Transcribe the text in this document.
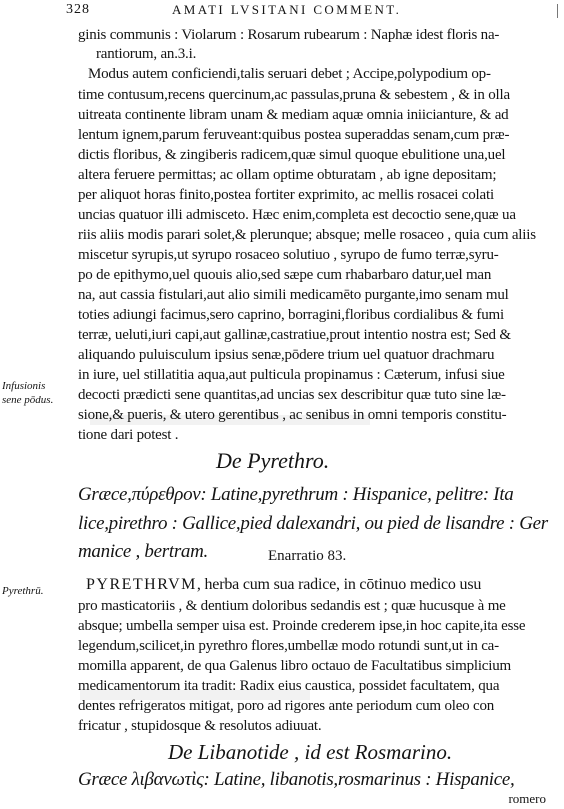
328	AMATI LVSITANI COMMENT.
ginis communis : Violarum : Rosarum rubearum : Naphæ idest floris na-
rantiorum, an.3.i.
Modus autem conficiendi,talis seruari debet ; Accipe,polypodium op-
time contusum,recens quercinum,ac passulas,pruna & sebestem , & in olla
uitreata continente libram unam & mediam aquæ omnia iniicianture, & ad
lentum ignem,parum feruveant:quibus postea superaddas senam,cum præ-
dictis floribus, & zingiberis radicem,quæ simul quoque ebulitione una,uel
altera feruere permittas; ac ollam optime obturatam , ab igne depositam;
per aliquot horas finito,postea fortiter exprimito, ac mellis rosacei colati
uncias quatuor illi admisceto. Hæc enim,completa est decoctio sene,quæ ua
riis aliis modis parari solet,& plerunque; absque; melle rosaceo , quia cum aliis
miscetur syrupis,ut syrupo rosaceo solutiuo , syrupo de fumo terræ,syru-
po de epithymo,uel quouis alio,sed sæpe cum rhabarbaro datur,uel man
na, aut cassia fistulari,aut alio simili medicamēto purgante,imo senam mul
toties adiungi facimus,sero caprino, borragini,floribus cordialibus & fumi
terræ, ueluti,iuri capi,aut gallinæ,castratiue,prout intentio nostra est; Sed &
aliquando puluisculum ipsius senæ,pōdere trium uel quatuor drachmaru
in iure, uel stillatitia aqua,aut pulticula propinamus : Cæterum, infusi siue
decocti prædicti sene quantitas,ad uncias sex describitur quæ tuto sine læ-
sione,& pueris, & utero gerentibus , ac senibus in omni temporis constitu-
tione dari potest .
Infusionis
sene pōdus.
De Pyrethro.
Græce,πύρεθρον: Latine,pyrethrum : Hispanice, pelitre: Ita
lice,pirethro : Gallice,pied dalexandri, ou pied de lisandre : Ger
manice , bertram.	Enarratio 83.
Pyrethrū.	PYRETHRVM, herba cum sua radice, in cōtinuo medico usu
pro masticatoriis , & dentium doloribus sedandis est ; quæ hucusque à me
absque; umbella semper uisa est. Proinde crederem ipse,in hoc capite,ita esse
legendum,scilicet,in pyrethro flores,umbellæ modo rotundi sunt,ut in ca-
momilla apparent, de qua Galenus libro octauo de Facultatibus simplicium
medicamentorum ita tradit: Radix eius caustica, possidet facultatem, qua
dentes refrigeratos mitigat, poro ad rigores ante periodum cum oleo con
fricatur , stupidosque & resolutos adiuuat.
De Libanotide , id est Rosmarino.
Græce λιβανωτὶς: Latine, libanotis,rosmarinus : Hispanice,
romero
